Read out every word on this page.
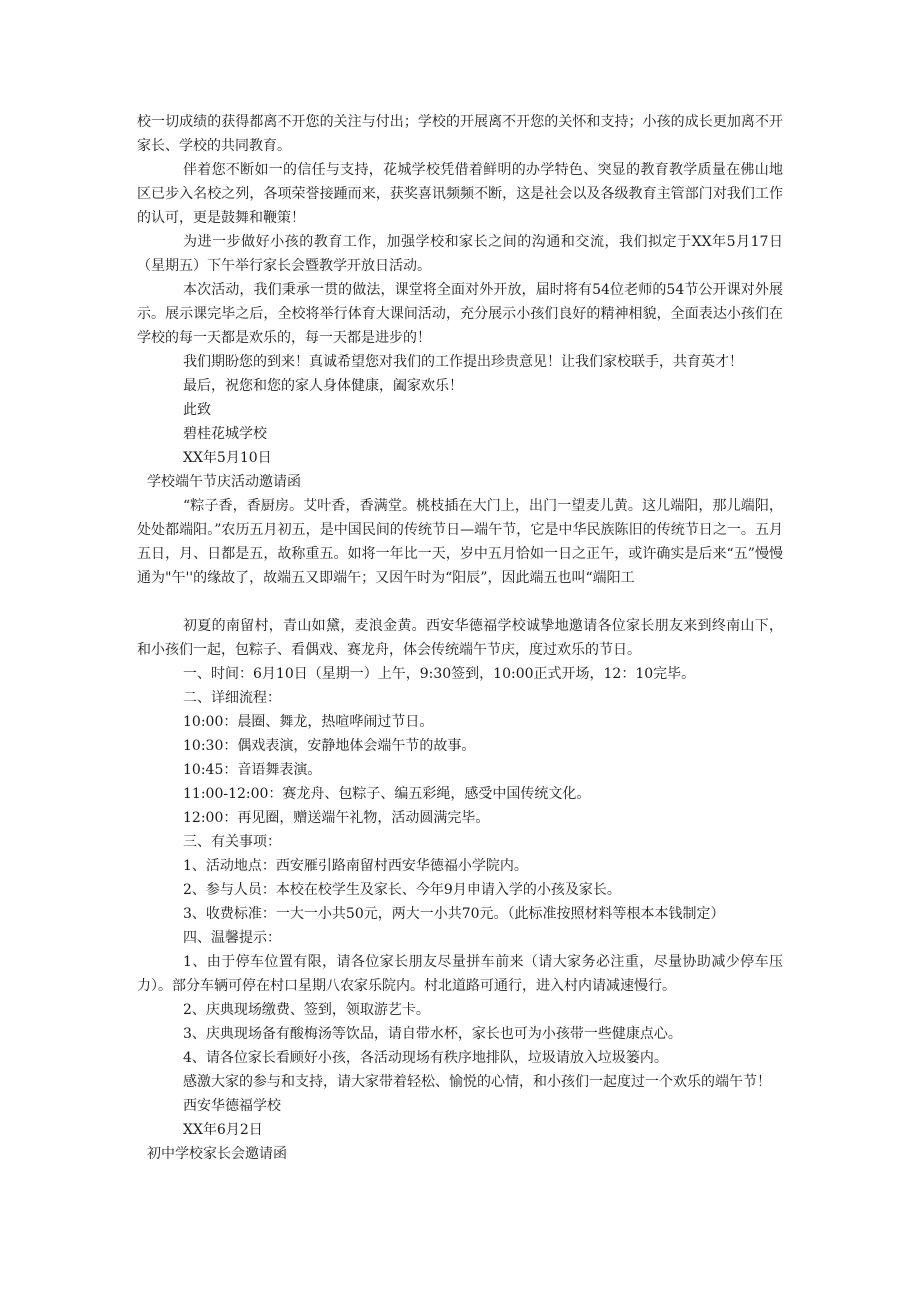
校一切成绩的获得都离不开您的关注与付出；学校的开展离不开您的关怀和支持；小孩的成长更加离不开家长、学校的共同教育。

伴着您不断如一的信任与支持，花城学校凭借着鲜明的办学特色、突显的教育教学质量在佛山地区已步入名校之列，各项荣誉接踵而来，获奖喜讯频频不断，这是社会以及各级教育主管部门对我们工作的认可，更是鼓舞和鞭策！

为进一步做好小孩的教育工作，加强学校和家长之间的沟通和交流，我们拟定于XX年5月17日（星期五）下午举行家长会暨教学开放日活动。

本次活动，我们秉承一贯的做法，课堂将全面对外开放，届时将有54位老师的54节公开课对外展示。展示课完毕之后，全校将举行体育大课间活动，充分展示小孩们良好的精神相貌，全面表达小孩们在学校的每一天都是欢乐的，每一天都是进步的！

我们期盼您的到来！真诚希望您对我们的工作提出珍贵意见！让我们家校联手，共育英才！

最后，祝您和您的家人身体健康，阖家欢乐！

此致

碧桂花城学校

XX年5月10日

学校端午节庆活动邀请函

“粽子香，香厨房。艾叶香，香满堂。桃枝插在大门上，出门一望麦儿黄。这儿端阳，那儿端阳，处处都端阳。”农历五月初五，是中国民间的传统节日—端午节，它是中华民族陈旧的传统节日之一。五月五日，月、日都是五，故称重五。如将一年比一天，岁中五月恰如一日之正午，或许确实是后来“五”慢慢通为"午''的缘故了，故端五又即端午；又因午时为“阳辰”，因此端五也叫“端阳工

初夏的南留村，青山如黛，麦浪金黄。西安华德福学校诚挚地邀请各位家长朋友来到终南山下，和小孩们一起，包粽子、看偶戏、赛龙舟，体会传统端午节庆，度过欢乐的节日。

一、时间：6月10日（星期一）上午，9:30签到，10:00正式开场，12：10完毕。

二、详细流程：

10:00：晨圈、舞龙，热喧哗闹过节日。

10:30：偶戏表演，安静地体会端午节的故事。

10:45：音语舞表演。

11:00-12:00：赛龙舟、包粽子、编五彩绳，感受中国传统文化。

12:00：再见圈，赠送端午礼物，活动圆满完毕。

三、有关事项：

1、活动地点：西安雁引路南留村西安华德福小学院内。

2、参与人员：本校在校学生及家长、今年9月申请入学的小孩及家长。

3、收费标准：一大一小共50元，两大一小共70元。（此标准按照材料等根本本钱制定）

四、温馨提示：

1、由于停车位置有限，请各位家长朋友尽量拼车前来（请大家务必注重，尽量协助减少停车压力）。部分车辆可停在村口星期八农家乐院内。村北道路可通行，进入村内请减速慢行。

2、庆典现场缴费、签到，领取游艺卡。

3、庆典现场备有酸梅汤等饮品，请自带水杯，家长也可为小孩带一些健康点心。

4、请各位家长看顾好小孩，各活动现场有秩序地排队，垃圾请放入垃圾篓内。

感激大家的参与和支持，请大家带着轻松、愉悦的心情，和小孩们一起度过一个欢乐的端午节！

西安华德福学校

XX年6月2日

初中学校家长会邀请函
